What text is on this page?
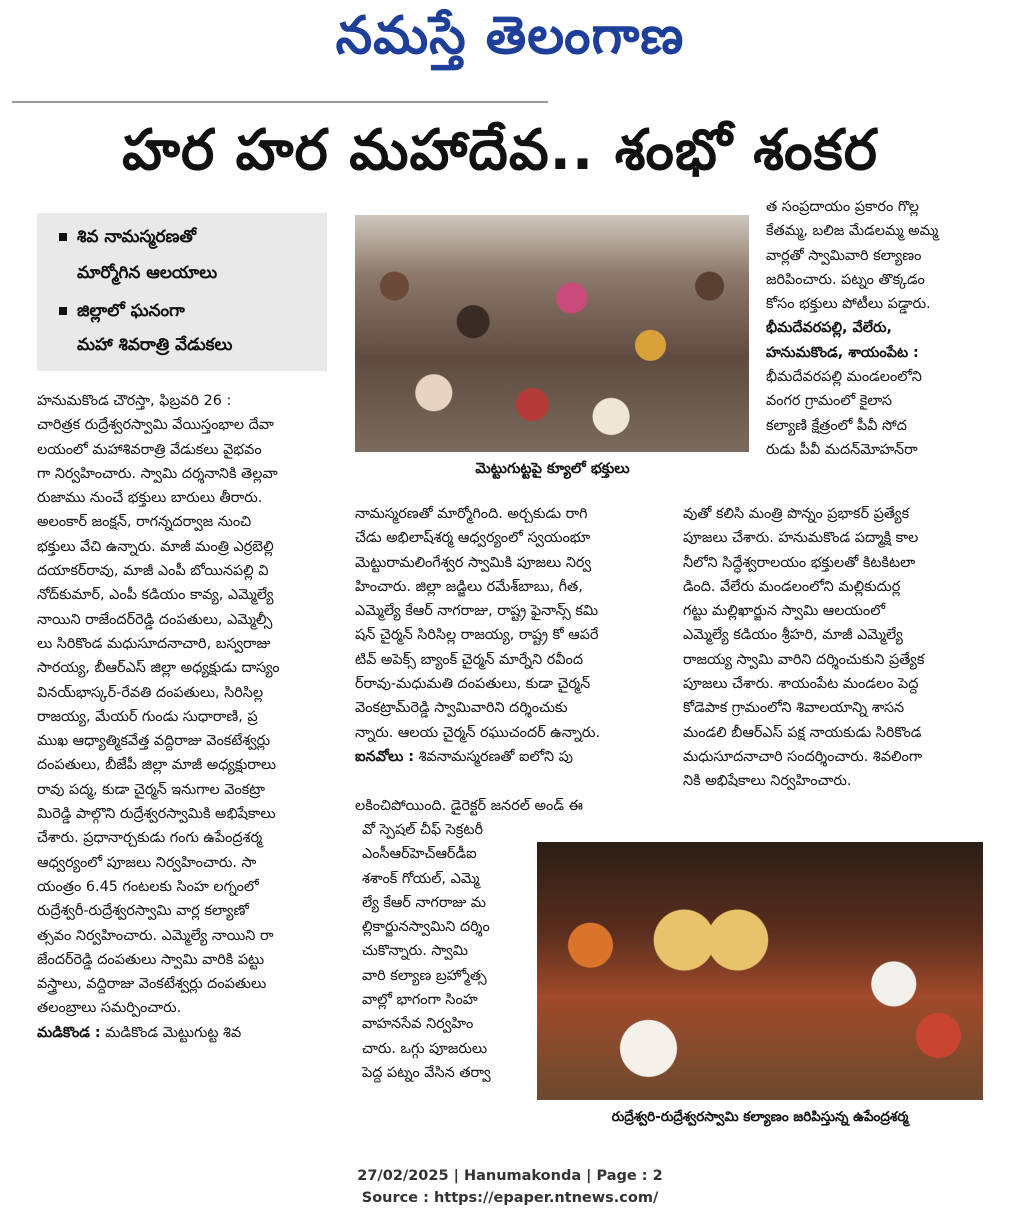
నమస్తే తెలంగాణ
హర హర మహాదేవ.. శంభో శంకర
శివ నామస్మరణతో
మార్మోగిన ఆలయాలు
జిల్లాలో ఘనంగా
మహా శివరాత్రి వేడుకలు

హనుమకొండ చౌరస్తా, ఫిబ్రవరి 26 :

చారిత్రక రుద్రేశ్వరస్వామి వేయిస్తంభాల దేవా

లయంలో మహాశివరాత్రి వేడుకలు వైభవం

గా నిర్వహించారు. స్వామి దర్శనానికి తెల్లవా

రుజాము నుంచే భక్తులు బారులు తీరారు.

అలంకార్ జంక్షన్, రాగన్నదర్వాజ నుంచి

భక్తులు వేచి ఉన్నారు. మాజీ మంత్రి ఎర్రబెల్లి

దయాకర్‌రావు, మాజీ ఎంపీ బోయినపల్లి వి

నోద్‌కుమార్, ఎంపీ కడియం కావ్య, ఎమ్మెల్యే

నాయిని రాజేందర్‌రెడ్డి దంపతులు, ఎమ్మెల్సీ

లు సిరికొండ మధుసూదనాచారి, బస్వరాజు

సారయ్య, బీఆర్‌ఎస్ జిల్లా అధ్యక్షుడు దాస్యం

వినయ్‌భాస్కర్‌-రేవతి దంపతులు, సిరిసిల్ల

రాజయ్య, మేయర్ గుండు సుధారాణి, ప్ర

ముఖ ఆధ్యాత్మికవేత్త వద్దిరాజు వెంకటేశ్వర్లు

దంపతులు, బీజేపీ జిల్లా మాజీ అధ్యక్షురాలు

రావు పద్మ, కుడా చైర్మన్ ఇనుగాల వెంకట్రా

మిరెడ్డి పాల్గొని రుద్రేశ్వరస్వామికి అభిషేకాలు

చేశారు. ప్రధానార్చకుడు గంగు ఉపేంద్రశర్మ

ఆధ్వర్యంలో పూజలు నిర్వహించారు. సా

యంత్రం 6.45 గంటలకు సింహ లగ్నంలో

రుద్రేశ్వరీ-రుద్రేశ్వరస్వామి వార్ల కల్యాణో

త్సవం నిర్వహించారు. ఎమ్మెల్యే నాయిని రా

జేందర్‌రెడ్డి దంపతులు స్వామి వారికి పట్టు

వస్త్రాలు, వద్దిరాజు వెంకటేశ్వర్లు దంపతులు

తలంబ్రాలు సమర్పించారు.

మడికొండ : మడికొండ మెట్టుగుట్ట శివ

మెట్టుగుట్టపై క్యూలో భక్తులు

నామస్మరణతో మార్మోగింది. అర్చకుడు రాగి

చేడు అభిలాష్‌శర్మ ఆధ్వర్యంలో స్వయంభూ

మెట్టురామలింగేశ్వర స్వామికి పూజలు నిర్వ

హించారు. జిల్లా జడ్జిలు రమేశ్‌బాబు, గీత,

ఎమ్మెల్యే కేఆర్ నాగరాజు, రాష్ట్ర ఫైనాన్స్ కమి

షన్ చైర్మన్ సిరిసిల్ల రాజయ్య, రాష్ట్ర కో ఆపరే

టివ్ అపెక్స్ బ్యాంక్ చైర్మన్ మార్నేని రవీంద

ర్‌రావు-మధుమతి దంపతులు, కుడా చైర్మన్

వెంకట్రామ్‌రెడ్డి స్వామివారిని దర్శించుకు

న్నారు. ఆలయ చైర్మన్ రఘుచందర్ ఉన్నారు.

ఐనవోలు : శివనామస్మరణతో ఐలోని పు

లకించిపోయింది. డైరెక్టర్ జనరల్ అండ్ ఈ

వో స్పెషల్ చీఫ్ సెక్రటరీ

ఎంసీఆర్‌హెచ్‌ఆర్‌డీఐ

శశాంక్ గోయల్, ఎమ్మె

ల్యే కేఆర్ నాగరాజు మ

ల్లికార్జునస్వామిని దర్శిం

చుకొన్నారు. స్వామి

వారి కల్యాణ బ్రహ్మోత్స

వాల్లో భాగంగా సింహ

వాహనసేవ నిర్వహిం

చారు. ఒగ్గు పూజరులు

పెద్ద పట్నం వేసిన తర్వా

త సంప్రదాయం ప్రకారం గొల్ల

కేతమ్మ, బలిజ మేడలమ్మ అమ్మ

వార్లతో స్వామివారి కల్యాణం

జరిపించారు. పట్నం తొక్కడం

కోసం భక్తులు పోటీలు పడ్డారు.

భీమదేవరపల్లి, వేలేరు,

హనుమకొండ, శాయంపేట :

భీమదేవరపల్లి మండలంలోని

వంగర గ్రామంలో కైలాస

కల్యాణి క్షేత్రంలో పీవీ సోద

రుడు పీవీ మదన్‌మోహన్‌రా

వుతో కలిసి మంత్రి పొన్నం ప్రభాకర్ ప్రత్యేక

పూజలు చేశారు. హనుమకొండ పద్మాక్షి కాల

నీలోని సిద్ధేశ్వరాలయం భక్తులతో కిటకిటలా

డింది. వేలేరు మండలంలోని మల్లికుదుర్ల

గట్టు మల్లిఖార్జున స్వామి ఆలయంలో

ఎమ్మెల్యే కడియం శ్రీహరి, మాజీ ఎమ్మెల్యే

రాజయ్య స్వామి వారిని దర్శించుకుని ప్రత్యేక

పూజలు చేశారు. శాయంపేట మండలం పెద్ద

కోడెపాక గ్రామంలోని శివాలయాన్ని శాసన

మండలి బీఆర్‌ఎస్ పక్ష నాయకుడు సిరికొండ

మధుసూదనాచారి సందర్శించారు. శివలింగా

నికి అభిషేకాలు నిర్వహించారు.

రుద్రేశ్వరి-రుద్రేశ్వరస్వామి కల్యాణం జరిపిస్తున్న ఉపేంద్రశర్మ
27/02/2025 | Hanumakonda | Page : 2
Source : https://epaper.ntnews.com/
